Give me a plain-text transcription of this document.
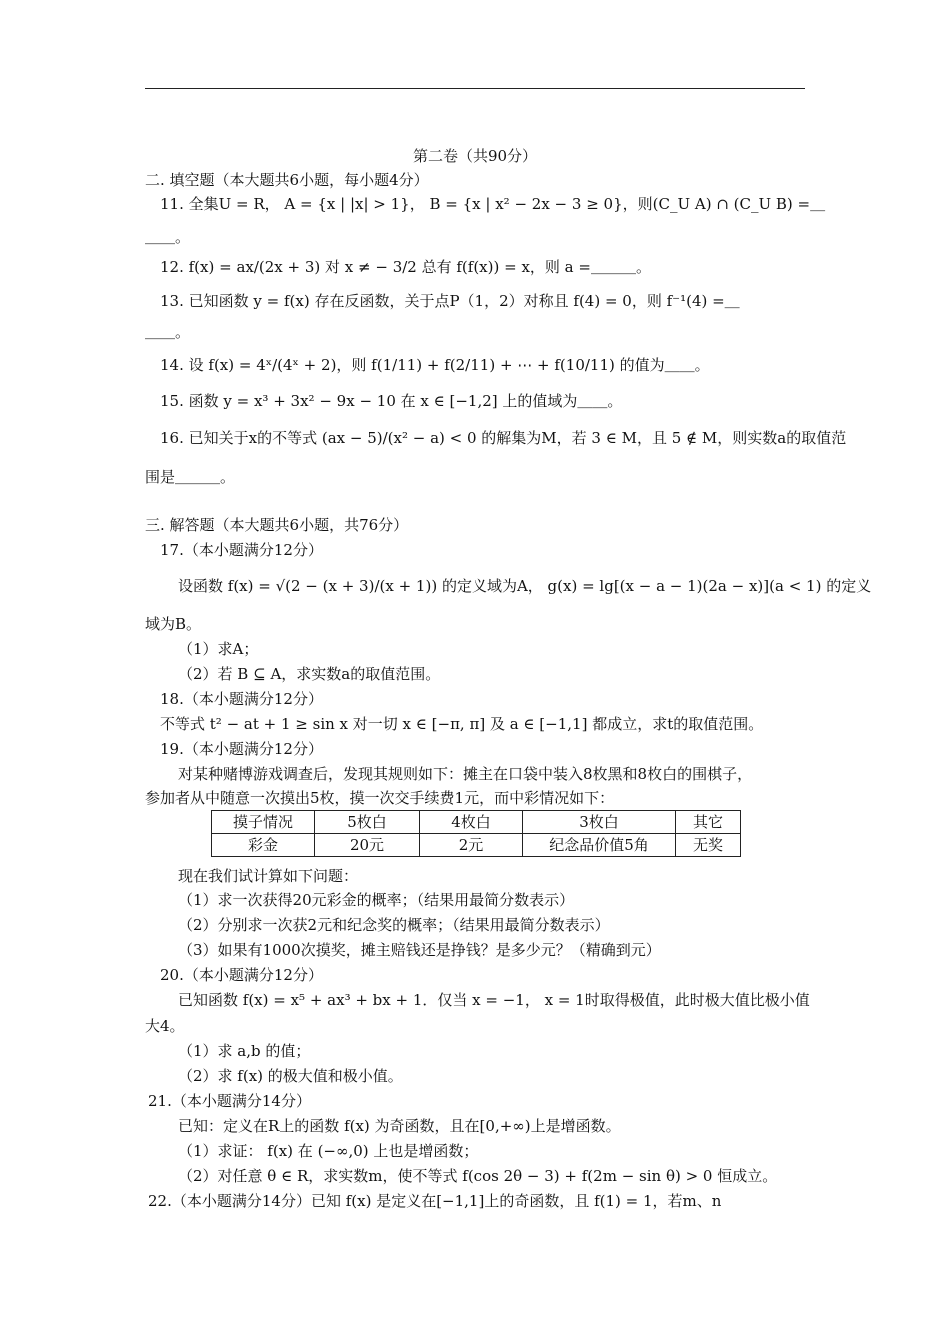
第二卷（共90分）
二. 填空题（本大题共6小题，每小题4分）
11. 全集U = R， A = {x | |x| > 1}， B = {x | x² − 2x − 3 ≥ 0}，则(C_U A) ∩ (C_U B) =＿
＿＿。
12. f(x) = ax/(2x + 3) 对 x ≠ − 3/2 总有 f(f(x)) = x，则 a =＿＿＿。
13. 已知函数 y = f(x) 存在反函数，关于点P（1，2）对称且 f(4) = 0，则 f⁻¹(4) =＿
＿＿。
14. 设 f(x) = 4ˣ/(4ˣ + 2)，则 f(1/11) + f(2/11) + ⋯ + f(10/11) 的值为＿＿。
15. 函数 y = x³ + 3x² − 9x − 10 在 x ∈ [−1,2] 上的值域为＿＿。
16. 已知关于x的不等式 (ax − 5)/(x² − a) < 0 的解集为M，若 3 ∈ M，且 5 ∉ M，则实数a的取值范
围是＿＿＿。
三. 解答题（本大题共6小题，共76分）
17.（本小题满分12分）
设函数 f(x) = √(2 − (x + 3)/(x + 1)) 的定义域为A， g(x) = lg[(x − a − 1)(2a − x)](a < 1) 的定义
域为B。
（1）求A；
（2）若 B ⊆ A，求实数a的取值范围。
18.（本小题满分12分）
不等式 t² − at + 1 ≥ sin x 对一切 x ∈ [−π, π] 及 a ∈ [−1,1] 都成立，求t的取值范围。
19.（本小题满分12分）
对某种赌博游戏调查后，发现其规则如下：摊主在口袋中装入8枚黑和8枚白的围棋子，
参加者从中随意一次摸出5枚，摸一次交手续费1元，而中彩情况如下：
摸子情况	5枚白	4枚白	3枚白	其它
彩金	20元	2元	纪念品价值5角	无奖
现在我们试计算如下问题：
（1）求一次获得20元彩金的概率；（结果用最简分数表示）
（2）分别求一次获2元和纪念奖的概率；（结果用最简分数表示）
（3）如果有1000次摸奖，摊主赔钱还是挣钱？是多少元？（精确到元）
20.（本小题满分12分）
已知函数 f(x) = x⁵ + ax³ + bx + 1．仅当 x = −1， x = 1时取得极值，此时极大值比极小值
大4。
（1）求 a,b 的值；
（2）求 f(x) 的极大值和极小值。
21.（本小题满分14分）
已知：定义在R上的函数 f(x) 为奇函数，且在[0,+∞)上是增函数。
（1）求证： f(x) 在 (−∞,0) 上也是增函数；
（2）对任意 θ ∈ R，求实数m，使不等式 f(cos 2θ − 3) + f(2m − sin θ) > 0 恒成立。
22.（本小题满分14分）已知 f(x) 是定义在[−1,1]上的奇函数，且 f(1) = 1，若m、n
